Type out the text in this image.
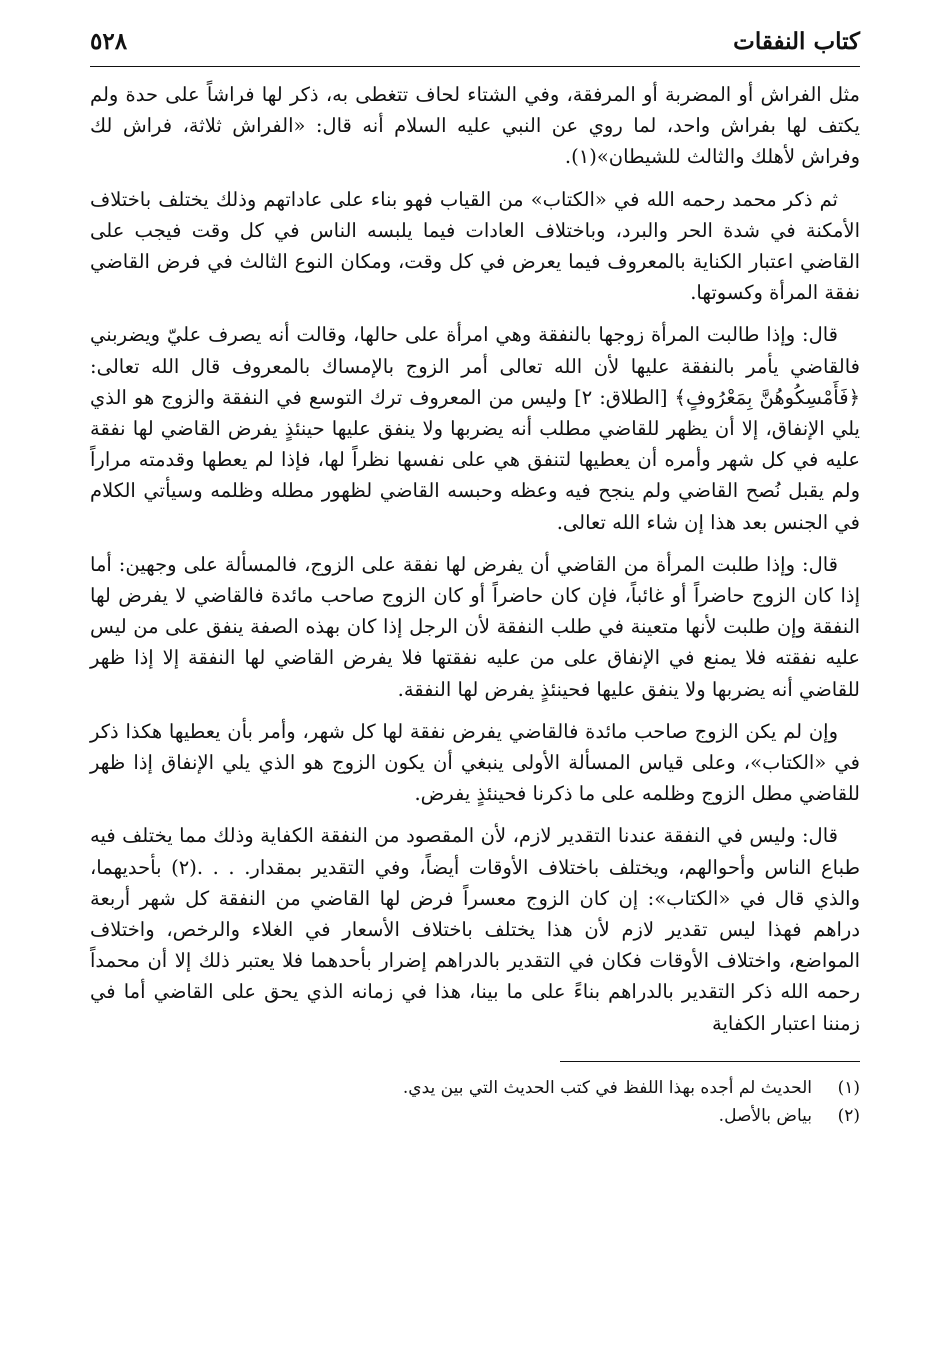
كتاب النفقات
٥٢٨

مثل الفراش أو المضربة أو المرفقة، وفي الشتاء لحاف تتغطى به، ذكر لها فراشاً على حدة ولم يكتف لها بفراش واحد، لما روي عن النبي عليه السلام أنه قال: «الفراش ثلاثة، فراش لك وفراش لأهلك والثالث للشيطان»(١).

ثم ذكر محمد رحمه الله في «الكتاب» من القياب فهو بناء على عاداتهم وذلك يختلف باختلاف الأمكنة في شدة الحر والبرد، وباختلاف العادات فيما يلبسه الناس في كل وقت فيجب على القاضي اعتبار الكناية بالمعروف فيما يعرض في كل وقت، ومكان النوع الثالث في فرض القاضي نفقة المرأة وكسوتها.

قال: وإذا طالبت المرأة زوجها بالنفقة وهي امرأة على حالها، وقالت أنه يصرف عليّ ويضربني فالقاضي يأمر بالنفقة عليها لأن الله تعالى أمر الزوج بالإمساك بالمعروف قال الله تعالى: ﴿فَأَمْسِكُوهُنَّ بِمَعْرُوفٍ﴾ [الطلاق: ٢] وليس من المعروف ترك التوسع في النفقة والزوج هو الذي يلي الإنفاق، إلا أن يظهر للقاضي مطلب أنه يضربها ولا ينفق عليها حينئذٍ يفرض القاضي لها نفقة عليه في كل شهر وأمره أن يعطيها لتنفق هي على نفسها نظراً لها، فإذا لم يعطها وقدمته مراراً ولم يقبل نُصح القاضي ولم ينجح فيه وعظه وحبسه القاضي لظهور مطله وظلمه وسيأتي الكلام في الجنس بعد هذا إن شاء الله تعالى.

قال: وإذا طلبت المرأة من القاضي أن يفرض لها نفقة على الزوج، فالمسألة على وجهين: أما إذا كان الزوج حاضراً أو غائباً، فإن كان حاضراً أو كان الزوج صاحب مائدة فالقاضي لا يفرض لها النفقة وإن طلبت لأنها متعينة في طلب النفقة لأن الرجل إذا كان بهذه الصفة ينفق على من ليس عليه نفقته فلا يمنع في الإنفاق على من عليه نفقتها فلا يفرض القاضي لها النفقة إلا إذا ظهر للقاضي أنه يضربها ولا ينفق عليها فحينئذٍ يفرض لها النفقة.

وإن لم يكن الزوج صاحب مائدة فالقاضي يفرض نفقة لها كل شهر، وأمر بأن يعطيها هكذا ذكر في «الكتاب»، وعلى قياس المسألة الأولى ينبغي أن يكون الزوج هو الذي يلي الإنفاق إذا ظهر للقاضي مطل الزوج وظلمه على ما ذكرنا فحينئذٍ يفرض.

قال: وليس في النفقة عندنا التقدير لازم، لأن المقصود من النفقة الكفاية وذلك مما يختلف فيه طباع الناس وأحوالهم، ويختلف باختلاف الأوقات أيضاً، وفي التقدير بمقدار. . . .(٢) بأحديهما، والذي قال في «الكتاب»: إن كان الزوج معسراً فرض لها القاضي من النفقة كل شهر أربعة دراهم فهذا ليس تقدير لازم لأن هذا يختلف باختلاف الأسعار في الغلاء والرخص، واختلاف المواضع، واختلاف الأوقات فكان في التقدير بالدراهم إضرار بأحدهما فلا يعتبر ذلك إلا أن محمداً رحمه الله ذكر التقدير بالدراهم بناءً على ما بينا، هذا في زمانه الذي يحق على القاضي أما في زمننا اعتبار الكفاية

(١)
الحديث لم أجده بهذا اللفظ في كتب الحديث التي بين يدي.
(٢)
بياض بالأصل.
